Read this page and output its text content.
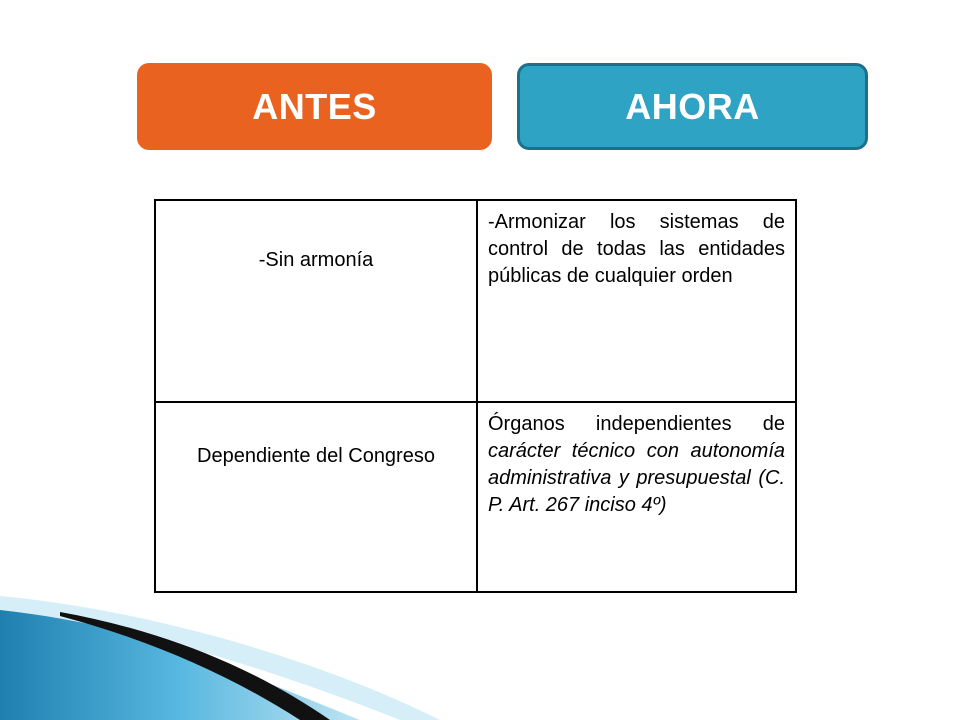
ANTES	AHORA
-Sin armonía	-Armonizar los sistemas de control de todas las entidades públicas de cualquier orden

Dependiente del Congreso	Órganos independientes de carácter técnico con autonomía administrativa y presupuestal (C. P. Art. 267 inciso 4º)
